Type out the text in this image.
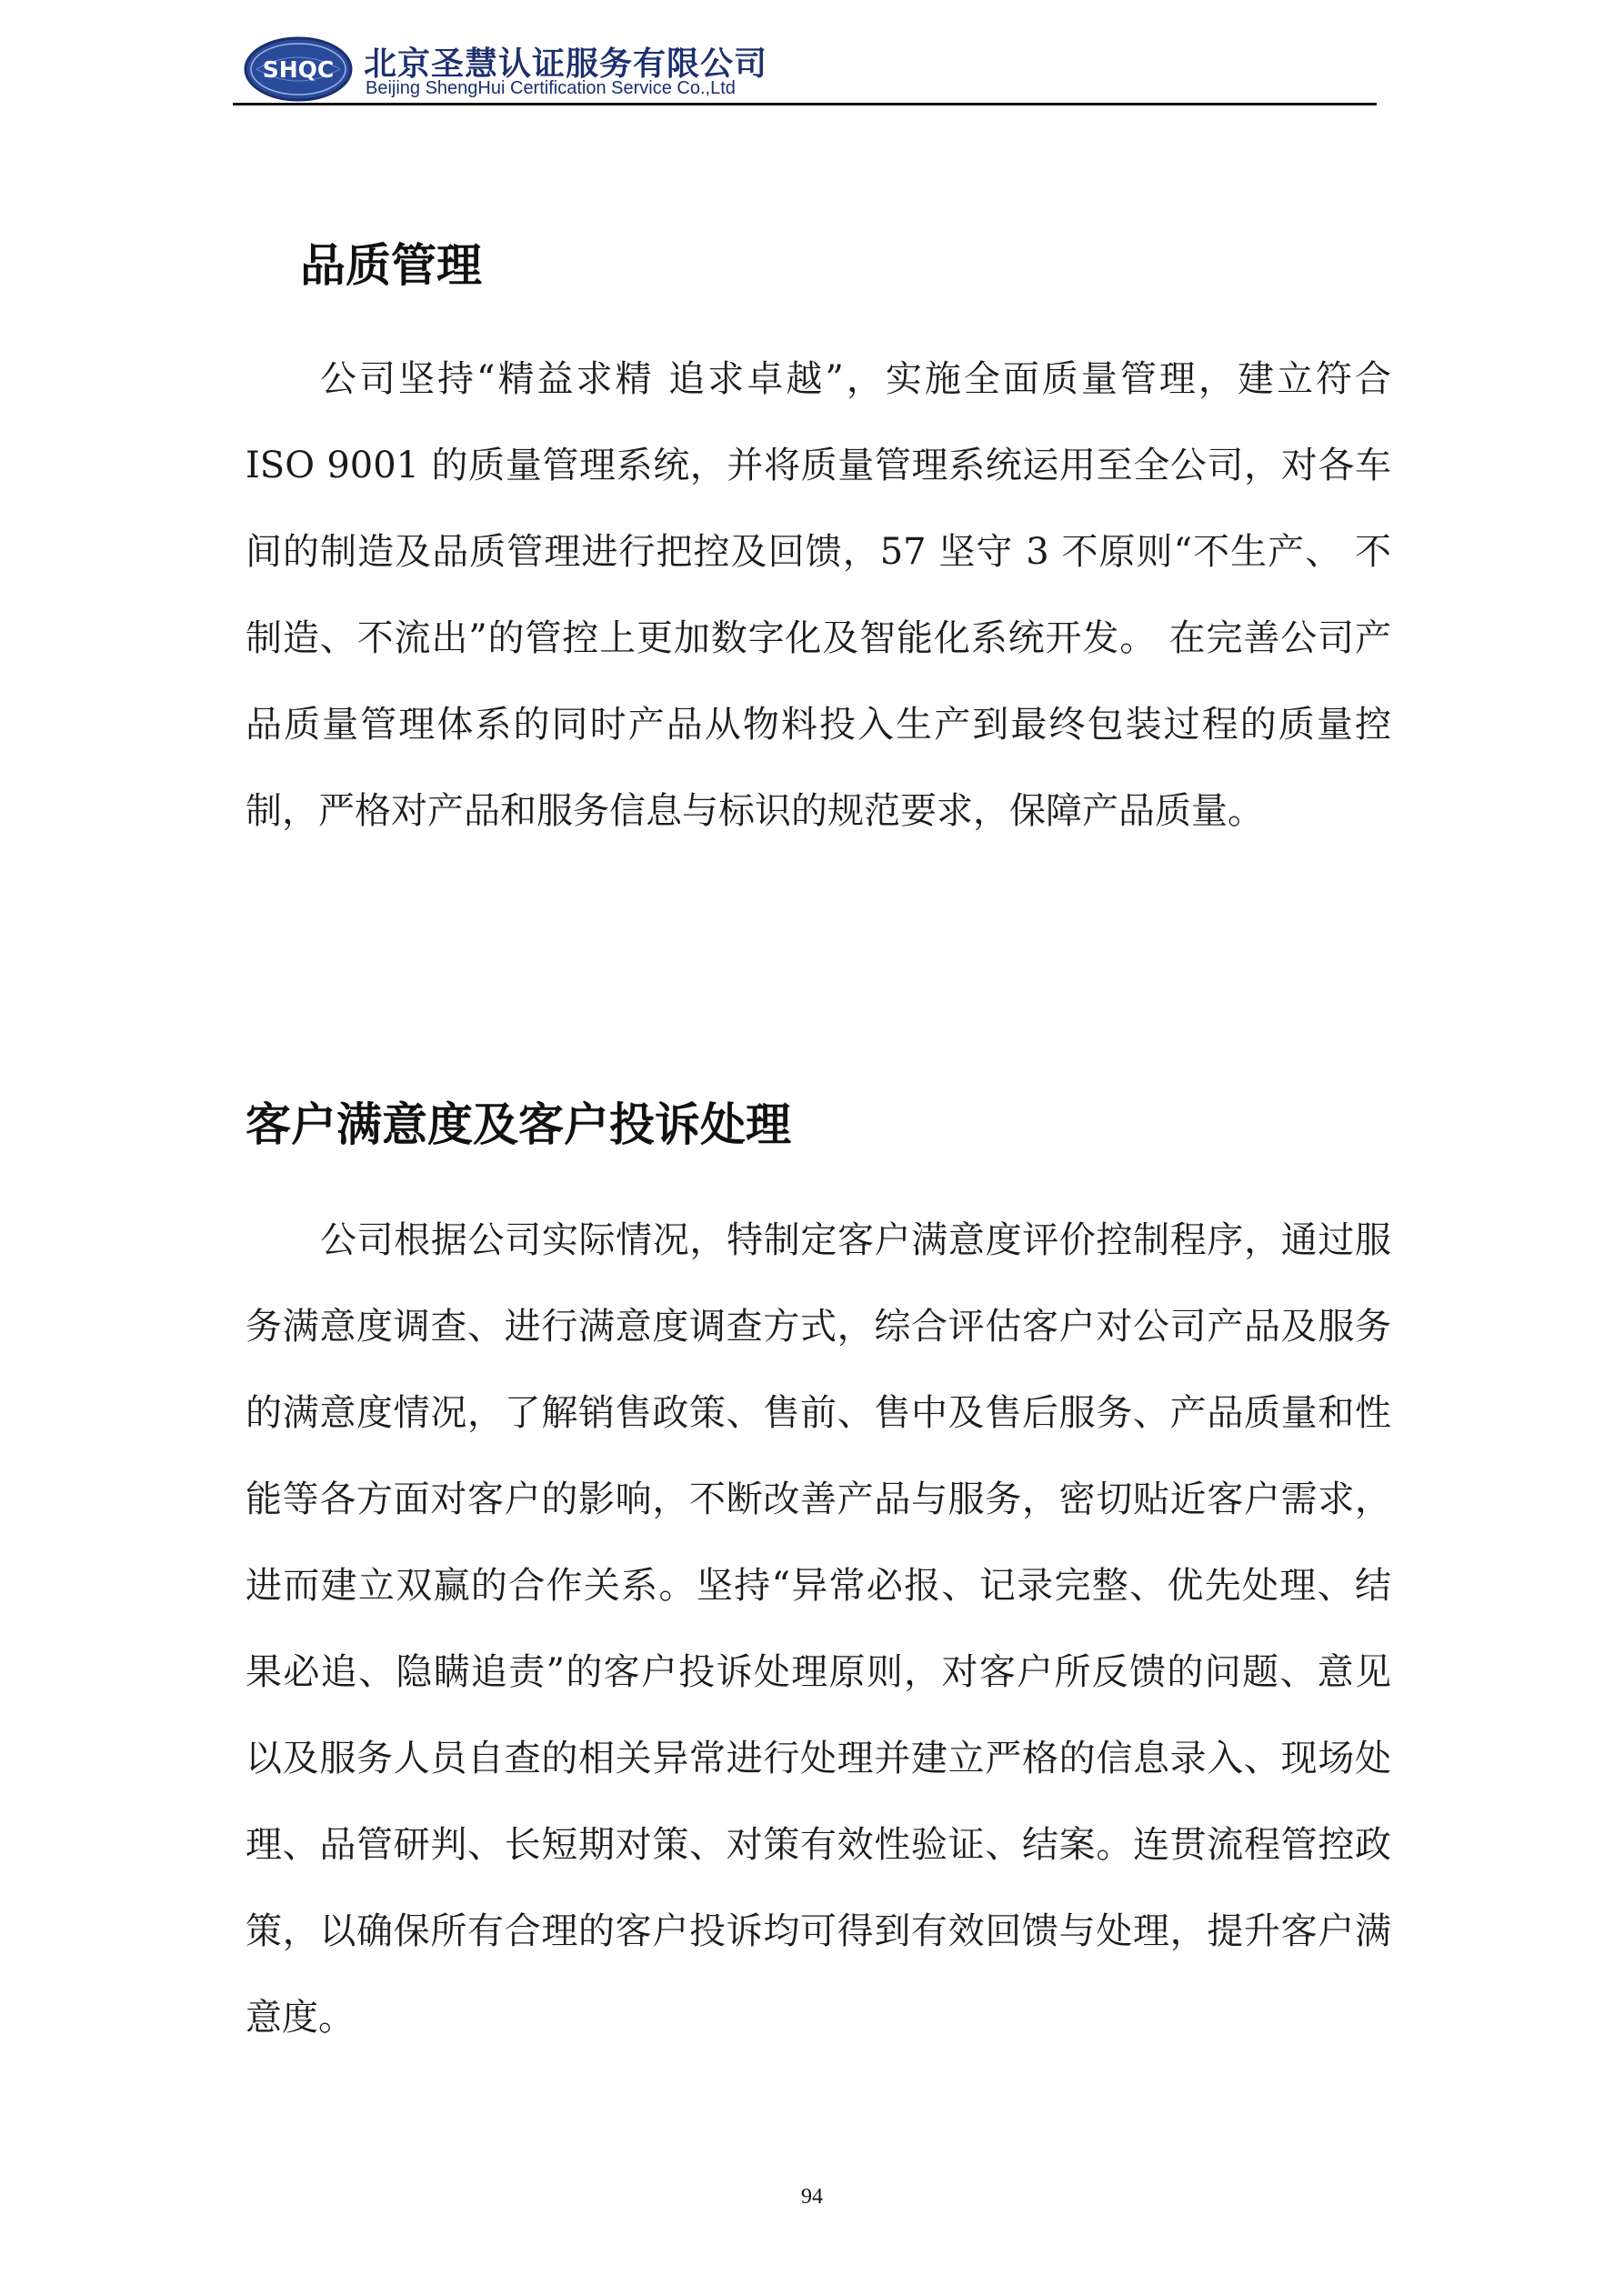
SHQC 北京圣慧认证服务有限公司
Beijing ShengHui Certification Service Co.,Ltd
品质管理

公司坚持“精益求精 追求卓越”，实施全面质量管理，建立符合 ISO 9001 的质量管理系统，并将质量管理系统运用至全公司，对各车间的制造及品质管理进行把控及回馈，57 坚守 3 不原则“不生产、 不制造、不流出”的管控上更加数字化及智能化系统开发。 在完善公司产品质量管理体系的同时产品从物料投入生产到最终包装过程的质量控制，严格对产品和服务信息与标识的规范要求，保障产品质量。

客户满意度及客户投诉处理

公司根据公司实际情况，特制定客户满意度评价控制程序，通过服务满意度调查、进行满意度调查方式，综合评估客户对公司产品及服务的满意度情况，了解销售政策、售前、售中及售后服务、产品质量和性能等各方面对客户的影响，不断改善产品与服务，密切贴近客户需求，进而建立双赢的合作关系。坚持“异常必报、记录完整、优先处理、结果必追、隐瞒追责”的客户投诉处理原则，对客户所反馈的问题、意见以及服务人员自查的相关异常进行处理并建立严格的信息录入、现场处理、品管研判、长短期对策、对策有效性验证、结案。连贯流程管控政策，以确保所有合理的客户投诉均可得到有效回馈与处理，提升客户满意度。

94
